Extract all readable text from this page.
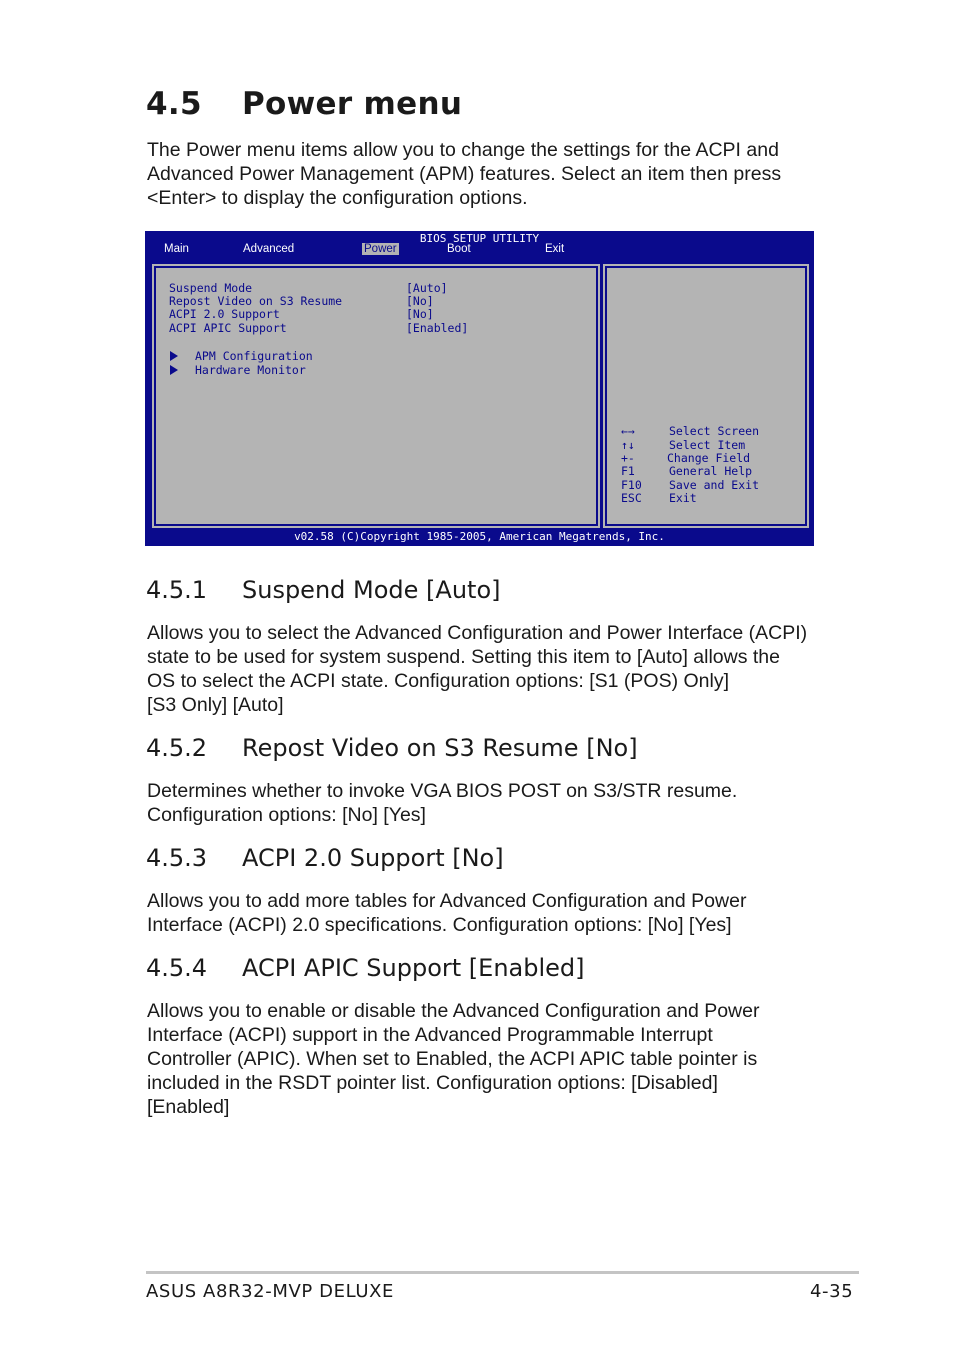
4.5 Power menu

The Power menu items allow you to change the settings for the ACPI and Advanced Power Management (APM) features. Select an item then press <Enter> to display the configuration options.

BIOS SETUP UTILITY
Main	Advanced	Power	Boot	Exit
Suspend Mode	[Auto]
Repost Video on S3 Resume	[No]
ACPI 2.0 Support	[No]
ACPI APIC Support	[Enabled]
APM Configuration
Hardware Monitor
←→	Select Screen
↑↓	Select Item
+-	Change Field
F1	General Help
F10 Save and Exit
ESC Exit
v02.58 (C)Copyright 1985-2005, American Megatrends, Inc.
4.5.1 Suspend Mode [Auto]
Allows you to select the Advanced Configuration and Power Interface (ACPI)
state to be used for system suspend. Setting this item to [Auto] allows the
OS to select the ACPI state. Configuration options: [S1 (POS) Only]
[S3 Only] [Auto]
4.5.2 Repost Video on S3 Resume [No]
Determines whether to invoke VGA BIOS POST on S3/STR resume.
Configuration options: [No] [Yes]
4.5.3 ACPI 2.0 Support [No]
Allows you to add more tables for Advanced Configuration and Power
Interface (ACPI) 2.0 specifications. Configuration options: [No] [Yes]
4.5.4 ACPI APIC Support [Enabled]
Allows you to enable or disable the Advanced Configuration and Power
Interface (ACPI) support in the Advanced Programmable Interrupt
Controller (APIC). When set to Enabled, the ACPI APIC table pointer is
included in the RSDT pointer list. Configuration options: [Disabled]
[Enabled]
ASUS A8R32-MVP DELUXE	4-35
